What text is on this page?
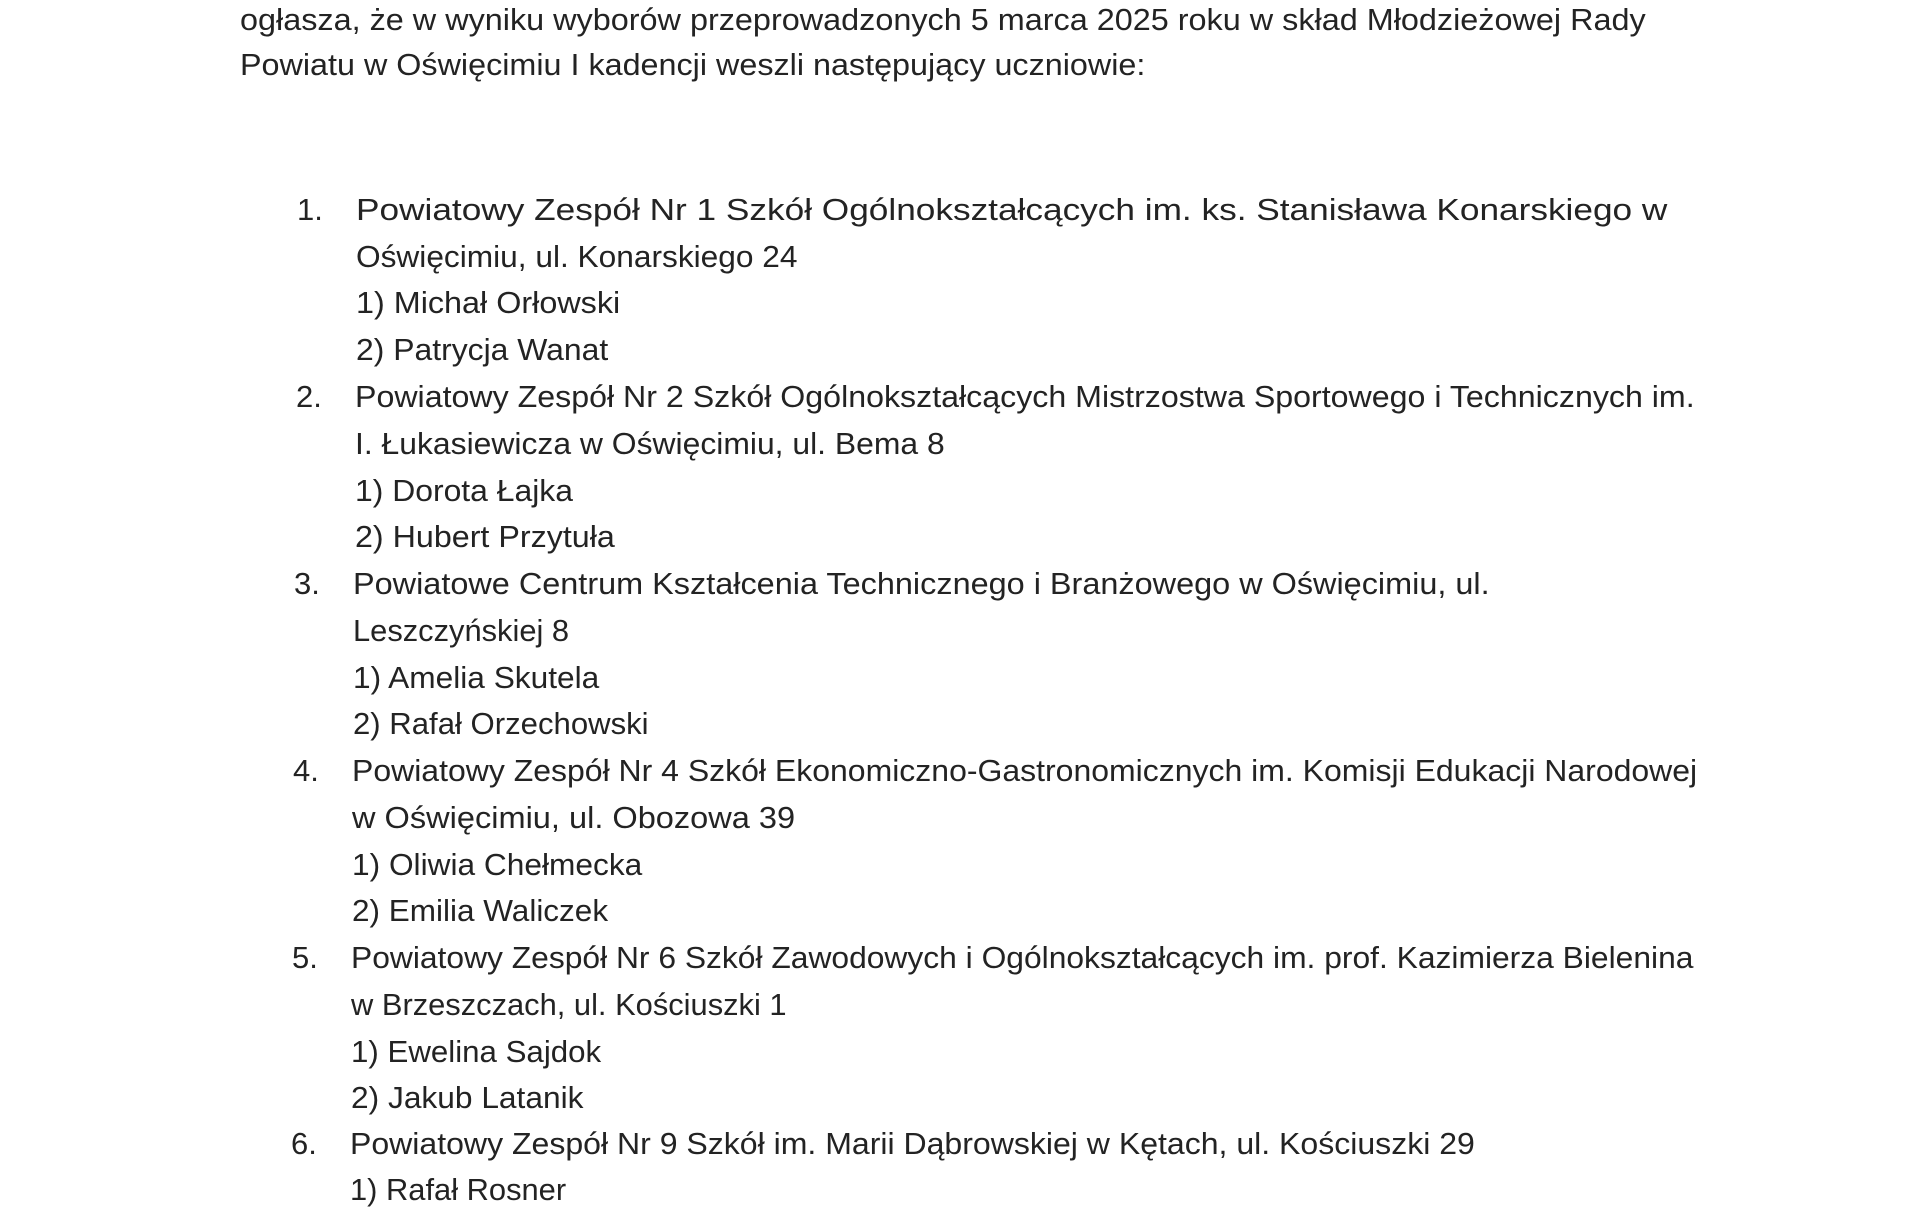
ogłasza, że w wyniku wyborów przeprowadzonych 5 marca 2025 roku w skład Młodzieżowej Rady
Powiatu w Oświęcimiu I kadencji weszli następujący uczniowie:
1. Powiatowy Zespół Nr 1 Szkół Ogólnokształcących im. ks. Stanisława Konarskiego w
Oświęcimiu, ul. Konarskiego 24
1) Michał Orłowski
2) Patrycja Wanat
2. Powiatowy Zespół Nr 2 Szkół Ogólnokształcących Mistrzostwa Sportowego i Technicznych im.
I. Łukasiewicza w Oświęcimiu, ul. Bema 8
1) Dorota Łajka
2) Hubert Przytuła
3. Powiatowe Centrum Kształcenia Technicznego i Branżowego w Oświęcimiu, ul.
Leszczyńskiej 8
1) Amelia Skutela
2) Rafał Orzechowski
4. Powiatowy Zespół Nr 4 Szkół Ekonomiczno-Gastronomicznych im. Komisji Edukacji Narodowej
w Oświęcimiu, ul. Obozowa 39
1) Oliwia Chełmecka
2) Emilia Waliczek
5. Powiatowy Zespół Nr 6 Szkół Zawodowych i Ogólnokształcących im. prof. Kazimierza Bielenina
w Brzeszczach, ul. Kościuszki 1
1) Ewelina Sajdok
2) Jakub Latanik
6. Powiatowy Zespół Nr 9 Szkół im. Marii Dąbrowskiej w Kętach, ul. Kościuszki 29
1) Rafał Rosner
